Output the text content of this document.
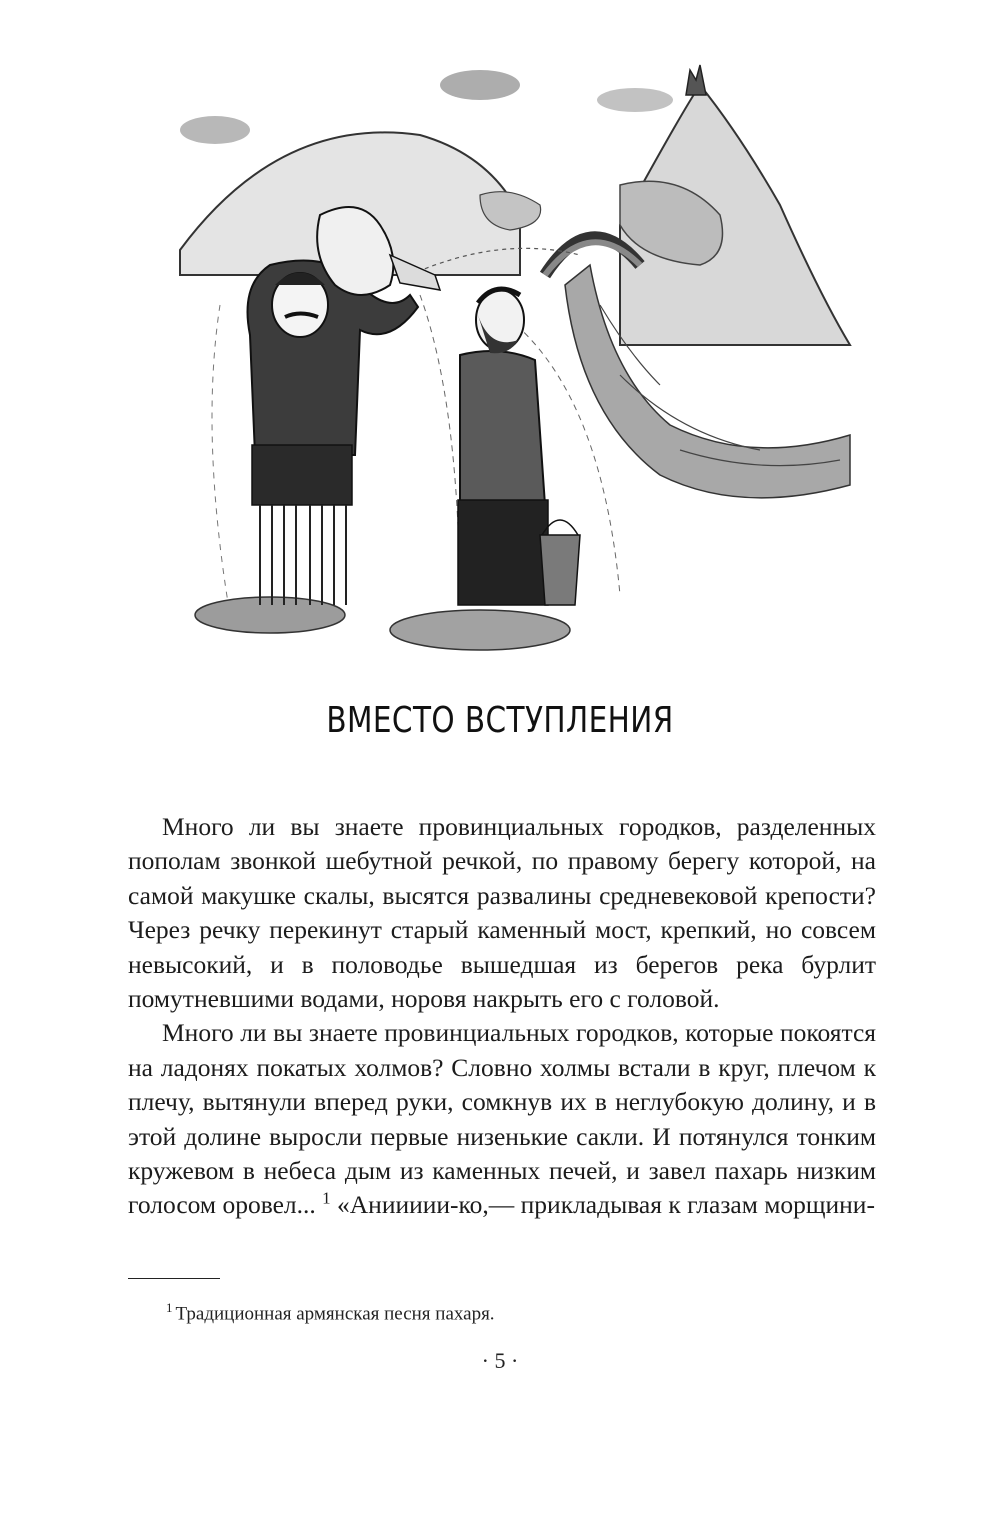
ВМЕСТО ВСТУПЛЕНИЯ

Много ли вы знаете провинциальных городков, разделенных пополам звонкой шебутной речкой, по правому берегу которой, на самой макушке скалы, высятся развалины средневековой крепости? Через речку перекинут старый каменный мост, крепкий, но совсем невысокий, и в половодье вышедшая из берегов река бурлит помутневшими водами, норовя накрыть его с головой.

Много ли вы знаете провинциальных городков, которые покоятся на ладонях покатых холмов? Словно холмы встали в круг, плечом к плечу, вытянули вперед руки, сомкнув их в неглубокую долину, и в этой долине выросли первые низенькие сакли. И потянулся тонким кружевом в небеса дым из каменных печей, и завел пахарь низким голосом оровел... $^1$ «Аниииии-ко,— прикладывая к глазам морщини-

$^1$ Традиционная армянская песня пахаря.
· 5 ·
